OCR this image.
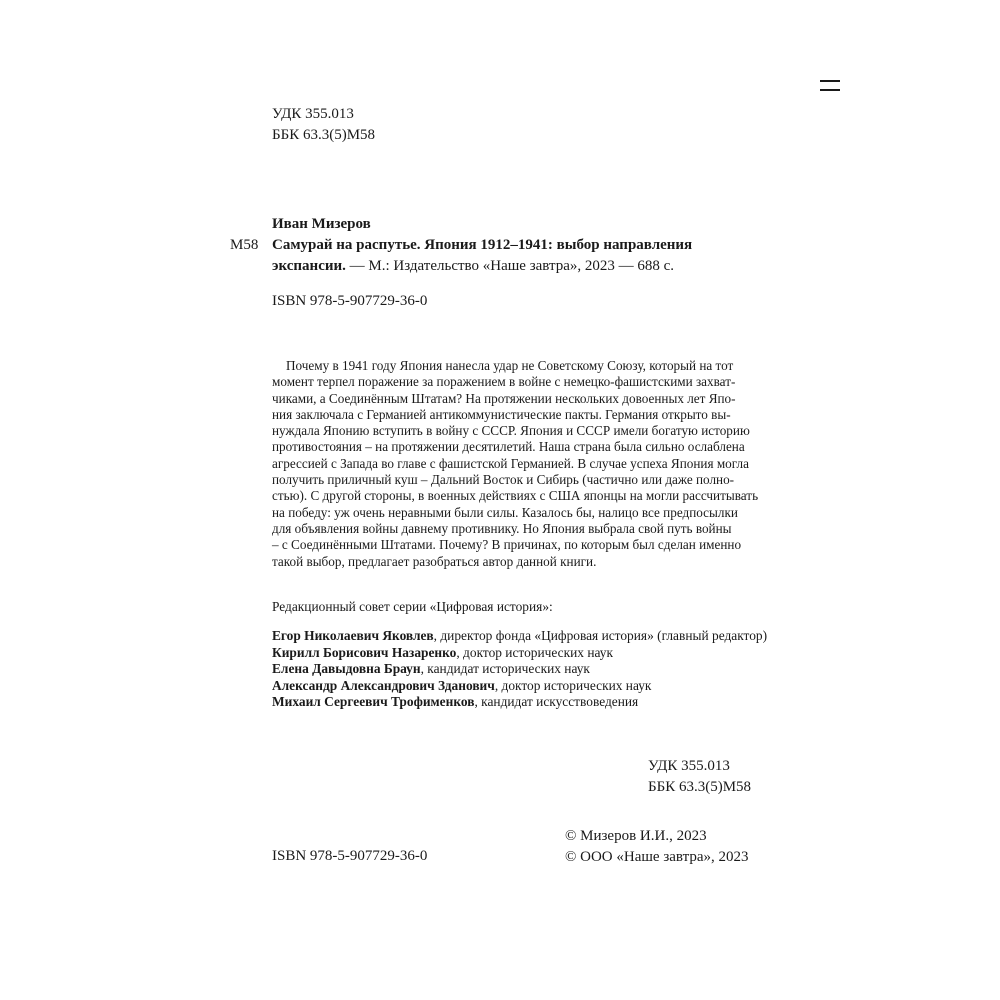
УДК 355.013
ББК 63.3(5)М58
М58
Иван Мизеров
Самурай на распутье. Япония 1912–1941: выбор направления
экспансии. — М.: Издательство «Наше завтра», 2023 — 688 с.
ISBN 978-5-907729-36-0
Почему в 1941 году Япония нанесла удар не Советскому Союзу, который на тот
момент терпел поражение за поражением в войне с немецко-фашистскими захват-
чиками, а Соединённым Штатам? На протяжении нескольких довоенных лет Япо-
ния заключала с Германией антикоммунистические пакты. Германия открыто вы-
нуждала Японию вступить в войну с СССР. Япония и СССР имели богатую историю
противостояния – на протяжении десятилетий. Наша страна была сильно ослаблена
агрессией с Запада во главе с фашистской Германией. В случае успеха Япония могла
получить приличный куш – Дальний Восток и Сибирь (частично или даже полно-
стью). С другой стороны, в военных действиях с США японцы на могли рассчитывать
на победу: уж очень неравными были силы. Казалось бы, налицо все предпосылки
для объявления войны давнему противнику. Но Япония выбрала свой путь войны
– с Соединёнными Штатами. Почему? В причинах, по которым был сделан именно
такой выбор, предлагает разобраться автор данной книги.
Редакционный совет серии «Цифровая история»:
Егор Николаевич Яковлев, директор фонда «Цифровая история» (главный редактор)
Кирилл Борисович Назаренко, доктор исторических наук
Елена Давыдовна Браун, кандидат исторических наук
Александр Александрович Зданович, доктор исторических наук
Михаил Сергеевич Трофименков, кандидат искусствоведения
УДК 355.013
ББК 63.3(5)М58
© Мизеров И.И., 2023
© ООО «Наше завтра», 2023
ISBN 978-5-907729-36-0
